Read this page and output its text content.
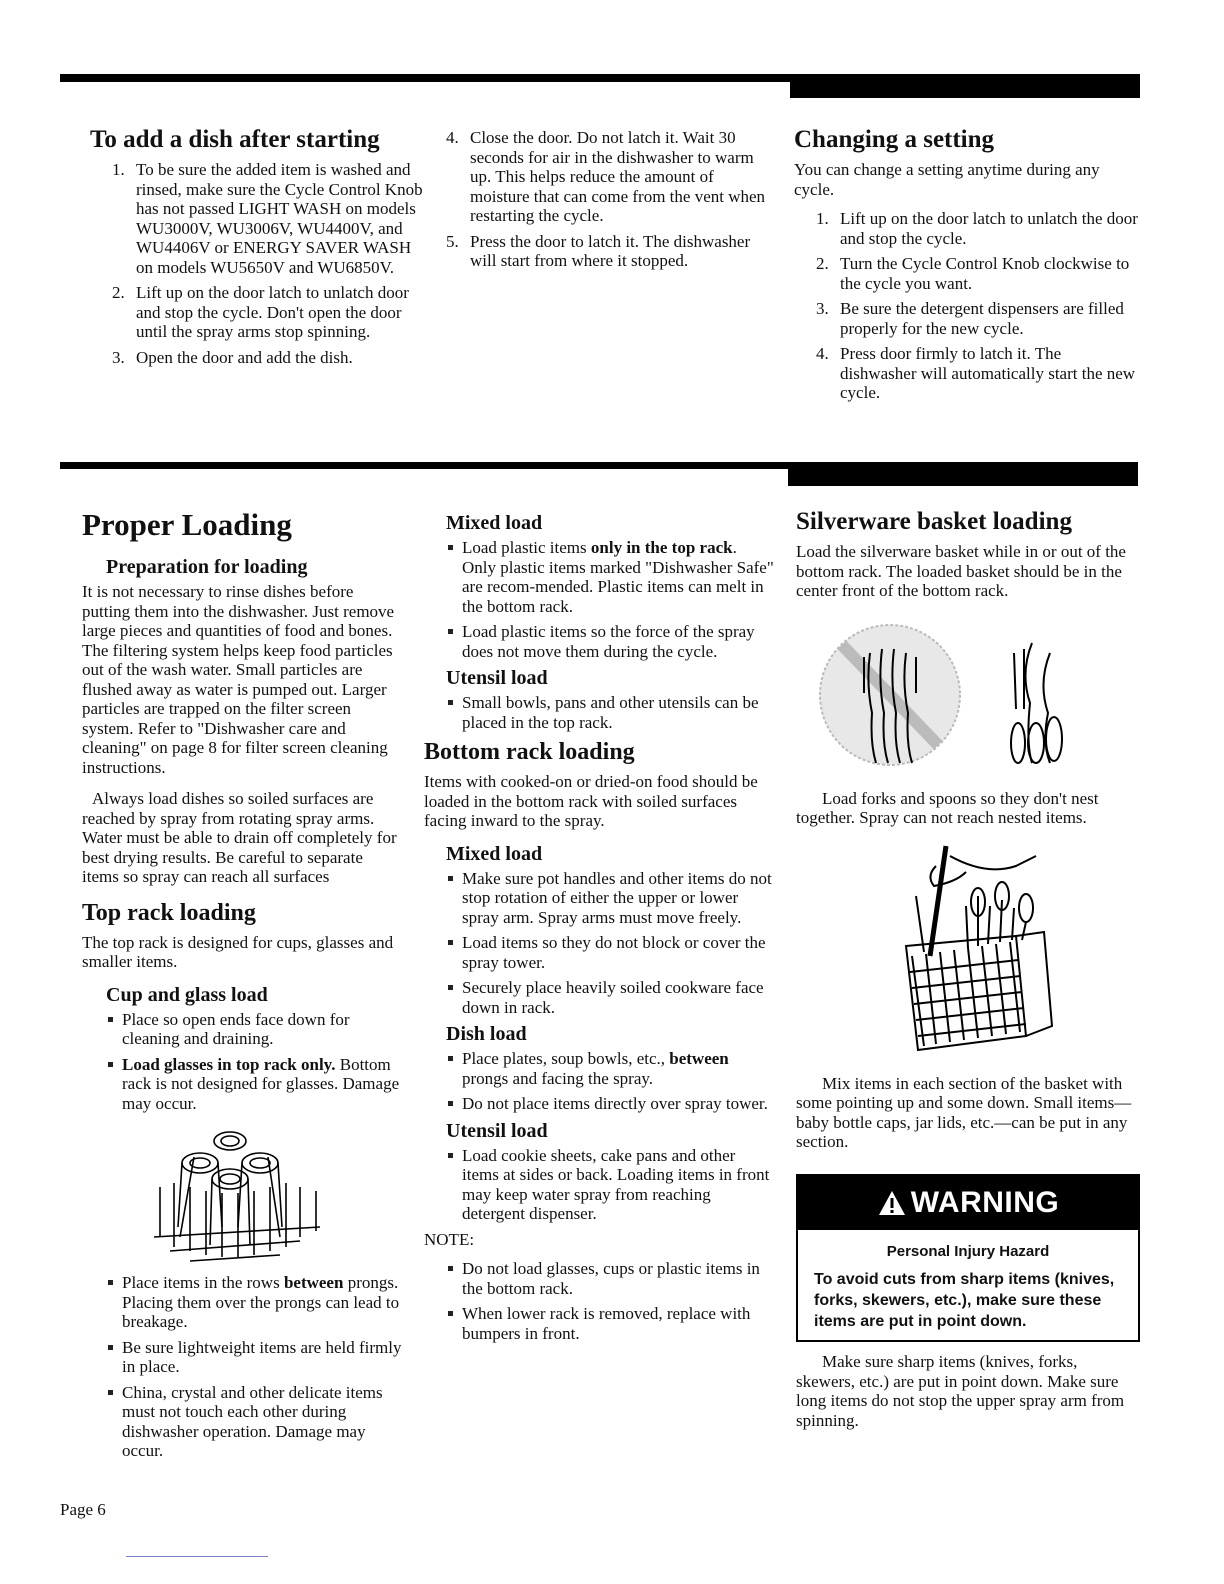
To add a dish after starting
1. To be sure the added item is washed and rinsed, make sure the Cycle Control Knob has not passed LIGHT WASH on models WU3000V, WU3006V, WU4400V, and WU4406V or ENERGY SAVER WASH on models WU5650V and WU6850V.
2. Lift up on the door latch to unlatch door and stop the cycle. Don't open the door until the spray arms stop spinning.
3. Open the door and add the dish.
4. Close the door. Do not latch it. Wait 30 seconds for air in the dishwasher to warm up. This helps reduce the amount of moisture that can come from the vent when restarting the cycle.
5. Press the door to latch it. The dishwasher will start from where it stopped.
Changing a setting

You can change a setting anytime during any cycle.

1. Lift up on the door latch to unlatch the door and stop the cycle.
2. Turn the Cycle Control Knob clockwise to the cycle you want.
3. Be sure the detergent dispensers are filled properly for the new cycle.
4. Press door firmly to latch it. The dishwasher will automatically start the new cycle.
Proper Loading
Preparation for loading

It is not necessary to rinse dishes before putting them into the dishwasher. Just remove large pieces and quantities of food and bones. The filtering system helps keep food particles out of the wash water. Small particles are flushed away as water is pumped out. Larger particles are trapped on the filter screen system. Refer to "Dishwasher care and cleaning" on page 8 for filter screen cleaning instructions.

Always load dishes so soiled surfaces are reached by spray from rotating spray arms. Water must be able to drain off completely for best drying results. Be careful to separate items so spray can reach all surfaces

Top rack loading

The top rack is designed for cups, glasses and smaller items.

Cup and glass load
Place so open ends face down for cleaning and draining.
Load glasses in top rack only. Bottom rack is not designed for glasses. Damage may occur.
Place items in the rows between prongs. Placing them over the prongs can lead to breakage.
Be sure lightweight items are held firmly in place.
China, crystal and other delicate items must not touch each other during dishwasher operation. Damage may occur.
Mixed load
Load plastic items only in the top rack. Only plastic items marked "Dishwasher Safe" are recom-mended. Plastic items can melt in the bottom rack.
Load plastic items so the force of the spray does not move them during the cycle.
Utensil load
Small bowls, pans and other utensils can be placed in the top rack.
Bottom rack loading

Items with cooked-on or dried-on food should be loaded in the bottom rack with soiled surfaces facing inward to the spray.

Mixed load
Make sure pot handles and other items do not stop rotation of either the upper or lower spray arm. Spray arms must move freely.
Load items so they do not block or cover the spray tower.
Securely place heavily soiled cookware face down in rack.
Dish load
Place plates, soup bowls, etc., between prongs and facing the spray.
Do not place items directly over spray tower.
Utensil load
Load cookie sheets, cake pans and other items at sides or back. Loading items in front may keep water spray from reaching detergent dispenser.
NOTE:
Do not load glasses, cups or plastic items in the bottom rack.
When lower rack is removed, replace with bumpers in front.
Silverware basket loading

Load the silverware basket while in or out of the bottom rack. The loaded basket should be in the center front of the bottom rack.

Load forks and spoons so they don't nest together. Spray can not reach nested items.

Mix items in each section of the basket with some pointing up and some down. Small items—baby bottle caps, jar lids, etc.—can be put in any section.

WARNING
Personal Injury Hazard
To avoid cuts from sharp items (knives, forks, skewers, etc.), make sure these items are put in point down.

Make sure sharp items (knives, forks, skewers, etc.) are put in point down. Make sure long items do not stop the upper spray arm from spinning.

Page 6
